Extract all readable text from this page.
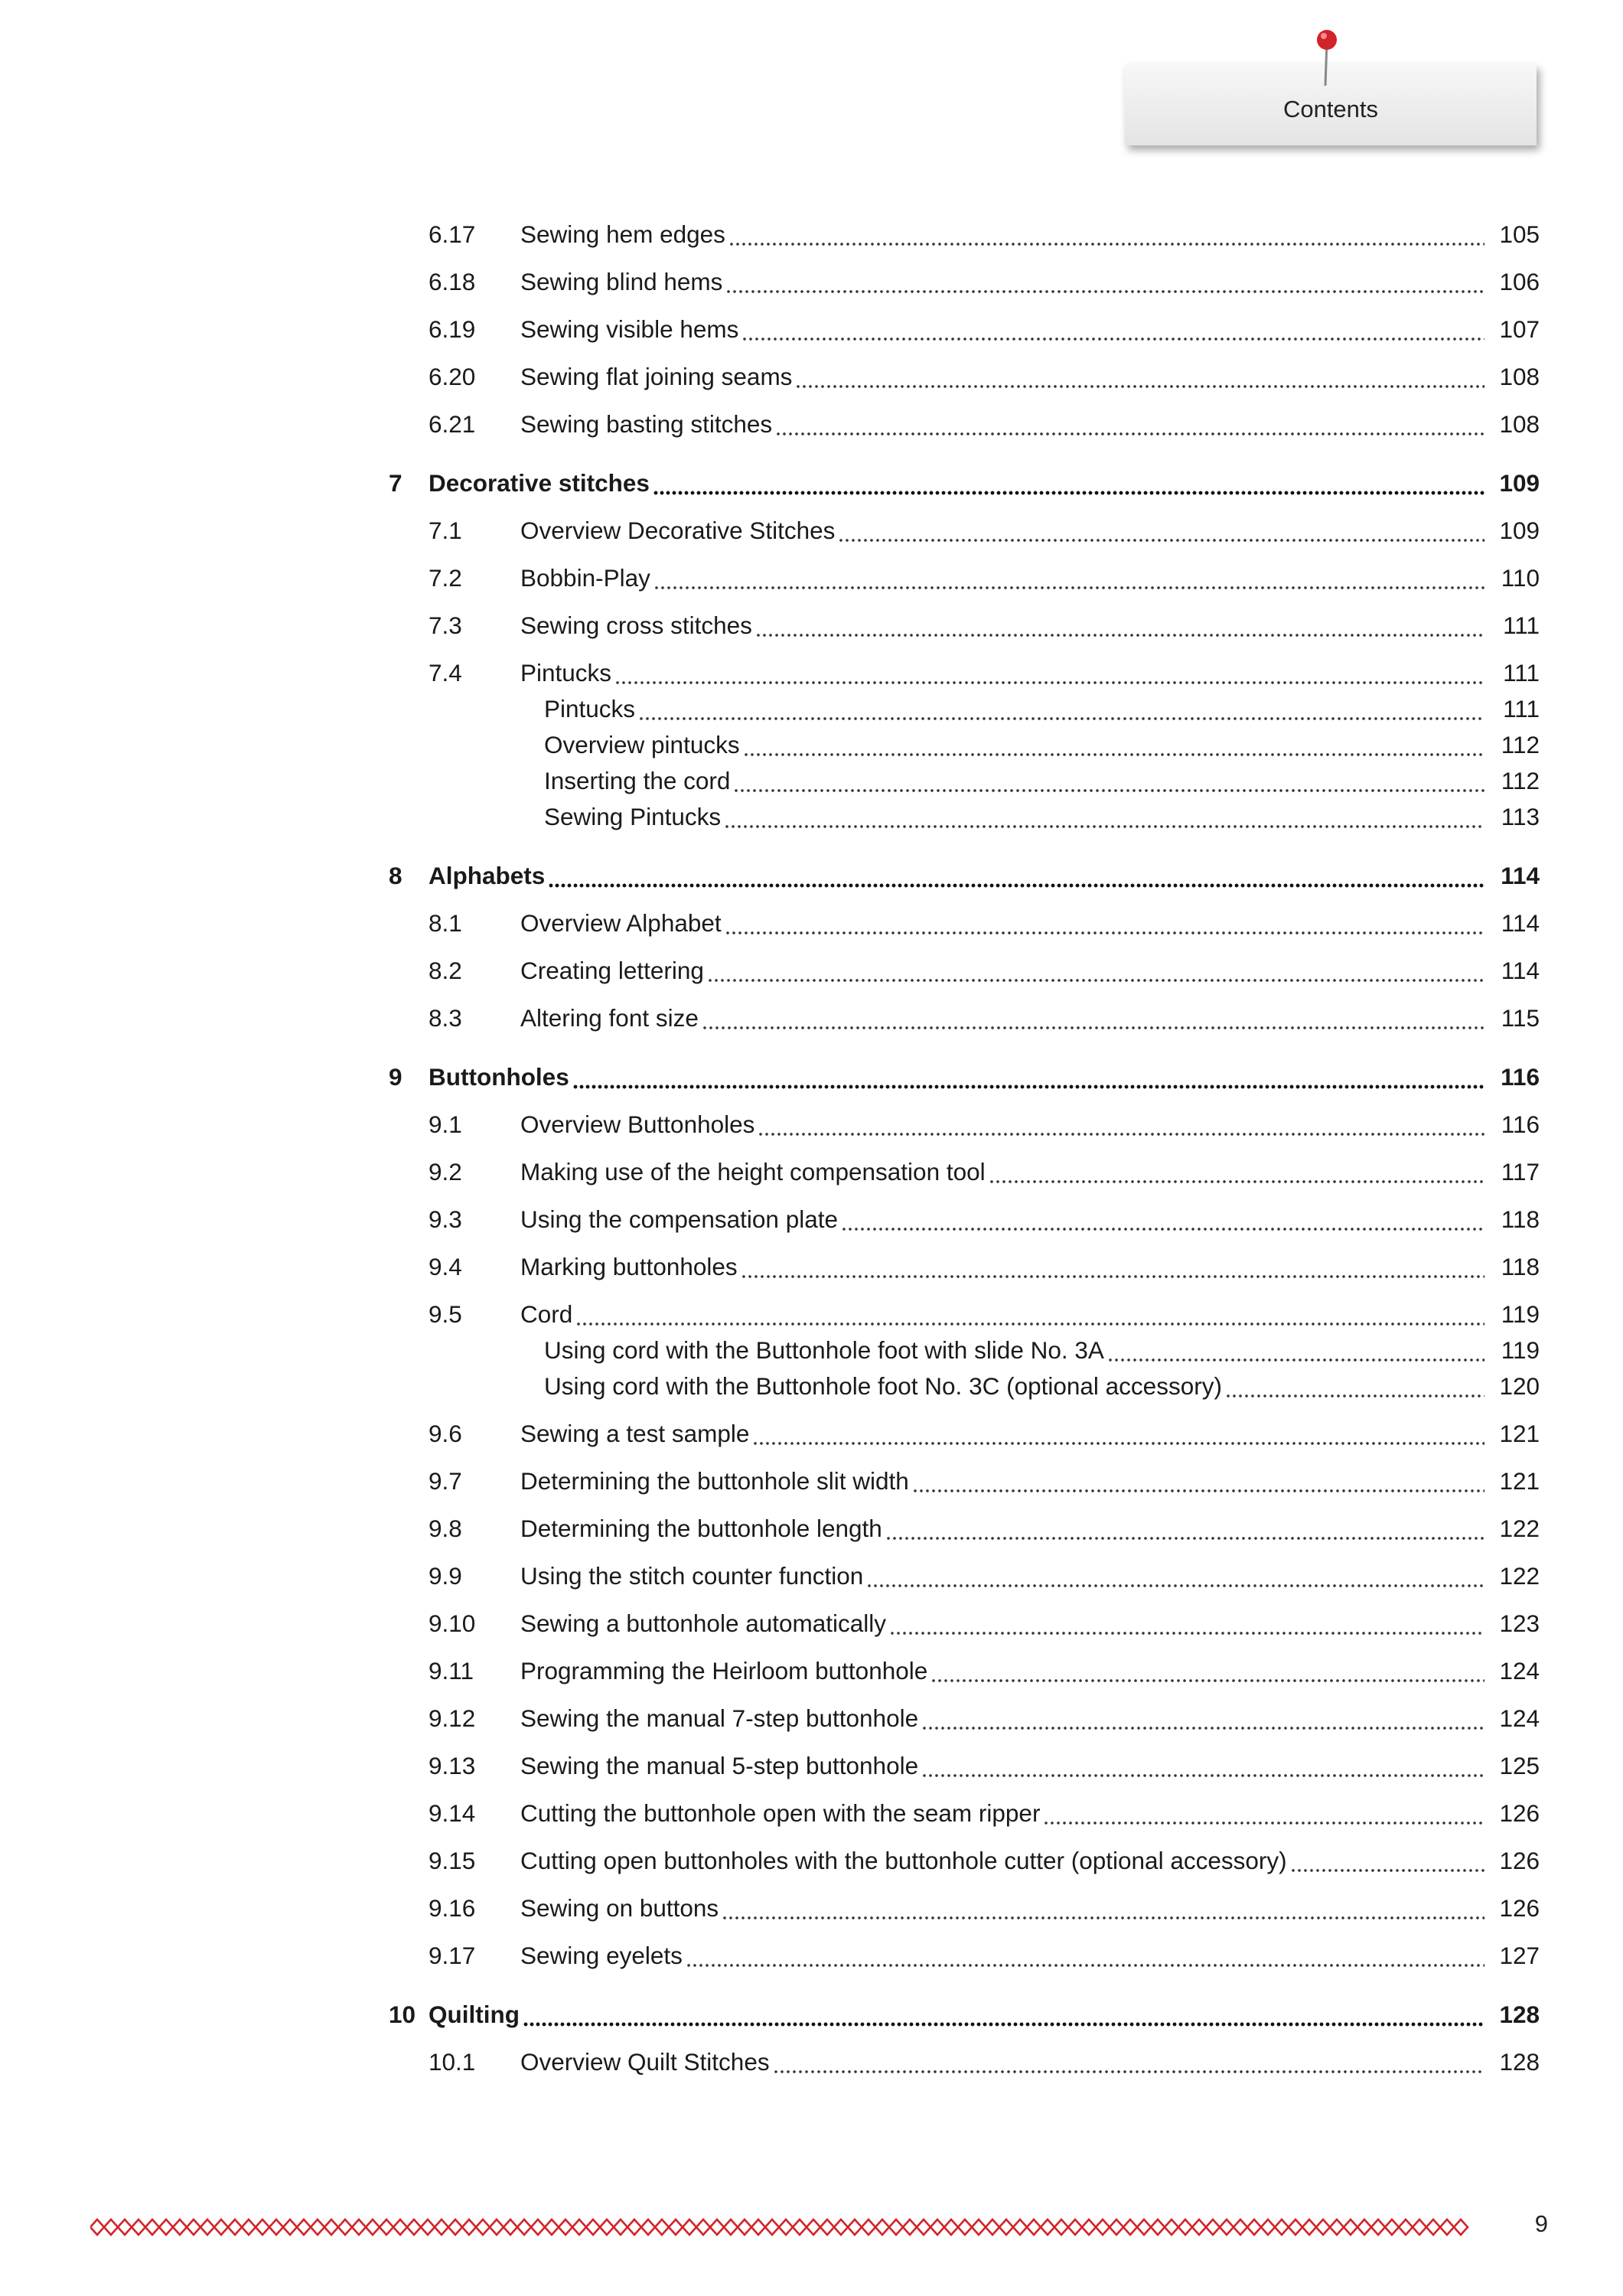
Contents
6.17 Sewing hem edges	105
6.18 Sewing blind hems	106
6.19 Sewing visible hems	107
6.20 Sewing flat joining seams	108
6.21 Sewing basting stitches	108
7 Decorative stitches	109
7.1 Overview Decorative Stitches	109
7.2 Bobbin-Play	110
7.3 Sewing cross stitches	111
7.4 Pintucks	111
Pintucks	111
Overview pintucks	112
Inserting the cord	112
Sewing Pintucks	113
8 Alphabets	114
8.1 Overview Alphabet	114
8.2 Creating lettering	114
8.3 Altering font size	115
9 Buttonholes	116
9.1 Overview Buttonholes	116
9.2 Making use of the height compensation tool	117
9.3 Using the compensation plate	118
9.4 Marking buttonholes	118
9.5 Cord	119
Using cord with the Buttonhole foot with slide No. 3A	119
Using cord with the Buttonhole foot No. 3C (optional accessory)	120
9.6 Sewing a test sample	121
9.7 Determining the buttonhole slit width	121
9.8 Determining the buttonhole length	122
9.9 Using the stitch counter function	122
9.10 Sewing a buttonhole automatically	123
9.11 Programming the Heirloom buttonhole	124
9.12 Sewing the manual 7-step buttonhole	124
9.13 Sewing the manual 5-step buttonhole	125
9.14 Cutting the buttonhole open with the seam ripper	126
9.15 Cutting open buttonholes with the buttonhole cutter (optional accessory)	126
9.16 Sewing on buttons	126
9.17 Sewing eyelets	127
10 Quilting	128
10.1 Overview Quilt Stitches	128
9
